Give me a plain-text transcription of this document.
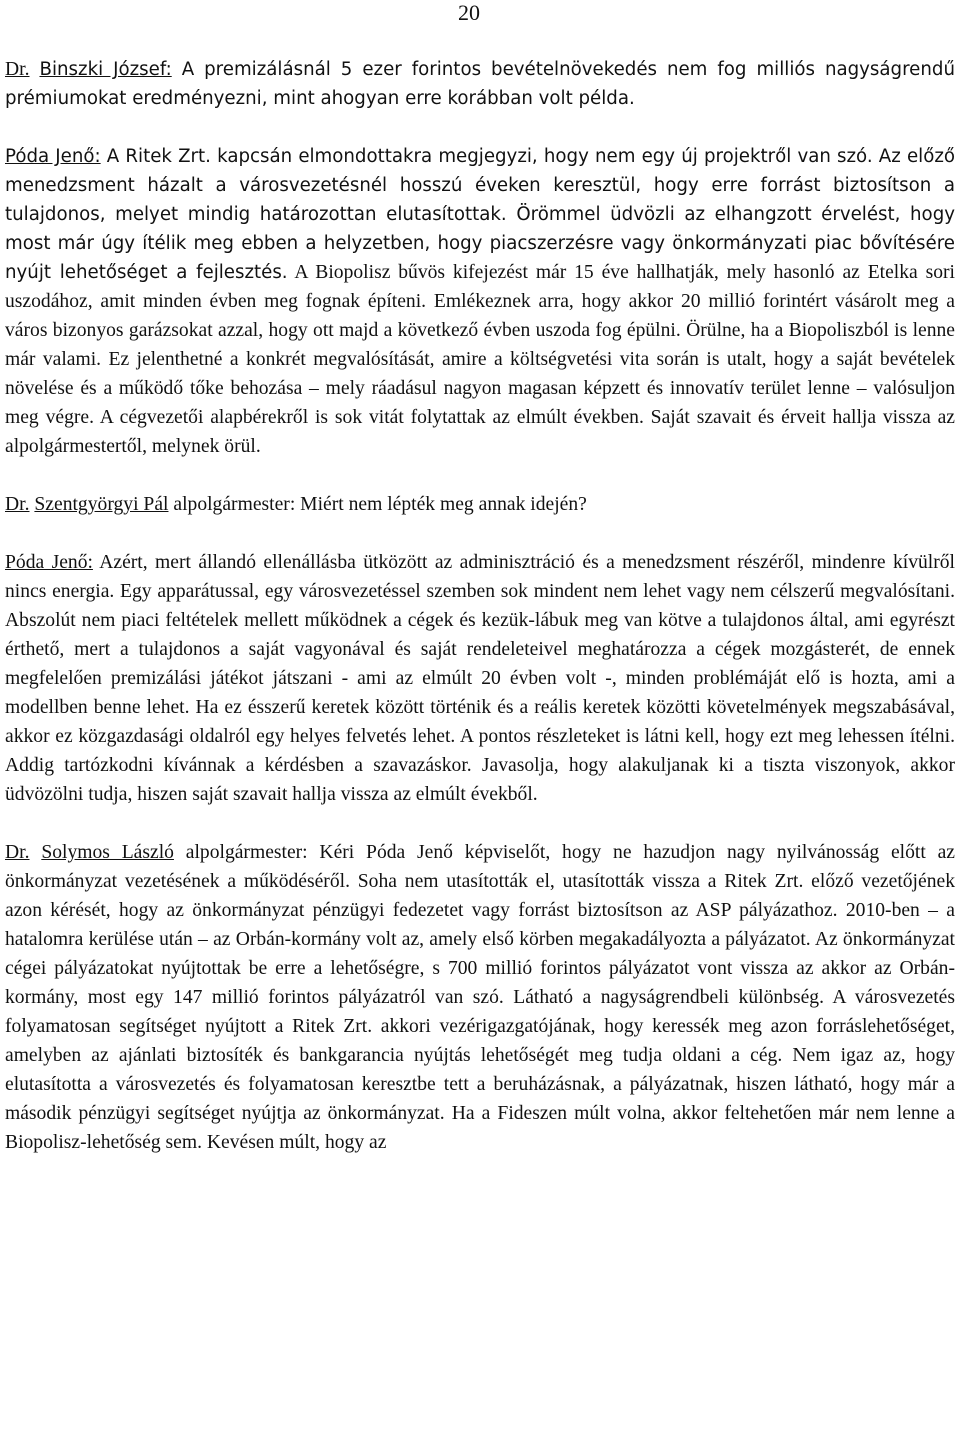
20

Dr. Binszki József: A premizálásnál 5 ezer forintos bevételnövekedés nem fog milliós nagyságrendű prémiumokat eredményezni, mint ahogyan erre korábban volt példa.

Póda Jenő: A Ritek Zrt. kapcsán elmondottakra megjegyzi, hogy nem egy új projektről van szó. Az előző menedzsment házalt a városvezetésnél hosszú éveken keresztül, hogy erre forrást biztosítson a tulajdonos, melyet mindig határozottan elutasítottak. Örömmel üdvözli az elhangzott érvelést, hogy most már úgy ítélik meg ebben a helyzetben, hogy piacszerzésre vagy önkormányzati piac bővítésére nyújt lehetőséget a fejlesztés. A Biopolisz bűvös kifejezést már 15 éve hallhatják, mely hasonló az Etelka sori uszodához, amit minden évben meg fognak építeni. Emlékeznek arra, hogy akkor 20 millió forintért vásárolt meg a város bizonyos garázsokat azzal, hogy ott majd a következő évben uszoda fog épülni. Örülne, ha a Biopoliszból is lenne már valami. Ez jelenthetné a konkrét megvalósítását, amire a költségvetési vita során is utalt, hogy a saját bevételek növelése és a működő tőke behozása – mely ráadásul nagyon magasan képzett és innovatív terület lenne – valósuljon meg végre. A cégvezetői alapbérekről is sok vitát folytattak az elmúlt években. Saját szavait és érveit hallja vissza az alpolgármestertől, melynek örül.

Dr. Szentgyörgyi Pál alpolgármester: Miért nem lépték meg annak idején?

Póda Jenő: Azért, mert állandó ellenállásba ütközött az adminisztráció és a menedzsment részéről, mindenre kívülről nincs energia. Egy apparátussal, egy városvezetéssel szemben sok mindent nem lehet vagy nem célszerű megvalósítani. Abszolút nem piaci feltételek mellett működnek a cégek és kezük-lábuk meg van kötve a tulajdonos által, ami egyrészt érthető, mert a tulajdonos a saját vagyonával és saját rendeleteivel meghatározza a cégek mozgásterét, de ennek megfelelően premizálási játékot játszani - ami az elmúlt 20 évben volt -, minden problémáját elő is hozta, ami a modellben benne lehet. Ha ez ésszerű keretek között történik és a reális keretek közötti követelmények megszabásával, akkor ez közgazdasági oldalról egy helyes felvetés lehet. A pontos részleteket is látni kell, hogy ezt meg lehessen ítélni. Addig tartózkodni kívánnak a kérdésben a szavazáskor. Javasolja, hogy alakuljanak ki a tiszta viszonyok, akkor üdvözölni tudja, hiszen saját szavait hallja vissza az elmúlt évekből.

Dr. Solymos László alpolgármester: Kéri Póda Jenő képviselőt, hogy ne hazudjon nagy nyilvánosság előtt az önkormányzat vezetésének a működéséről. Soha nem utasították el, utasították vissza a Ritek Zrt. előző vezetőjének azon kérését, hogy az önkormányzat pénzügyi fedezetet vagy forrást biztosítson az ASP pályázathoz. 2010-ben – a hatalomra kerülése után – az Orbán-kormány volt az, amely első körben megakadályozta a pályázatot. Az önkormányzat cégei pályázatokat nyújtottak be erre a lehetőségre, s 700 millió forintos pályázatot vont vissza az akkor az Orbán-kormány, most egy 147 millió forintos pályázatról van szó. Látható a nagyságrendbeli különbség. A városvezetés folyamatosan segítséget nyújtott a Ritek Zrt. akkori vezérigazgatójának, hogy keressék meg azon forráslehetőséget, amelyben az ajánlati biztosíték és bankgarancia nyújtás lehetőségét meg tudja oldani a cég. Nem igaz az, hogy elutasította a városvezetés és folyamatosan keresztbe tett a beruházásnak, a pályázatnak, hiszen látható, hogy már a második pénzügyi segítséget nyújtja az önkormányzat. Ha a Fideszen múlt volna, akkor feltehetően már nem lenne a Biopolisz-lehetőség sem. Kevésen múlt, hogy az
